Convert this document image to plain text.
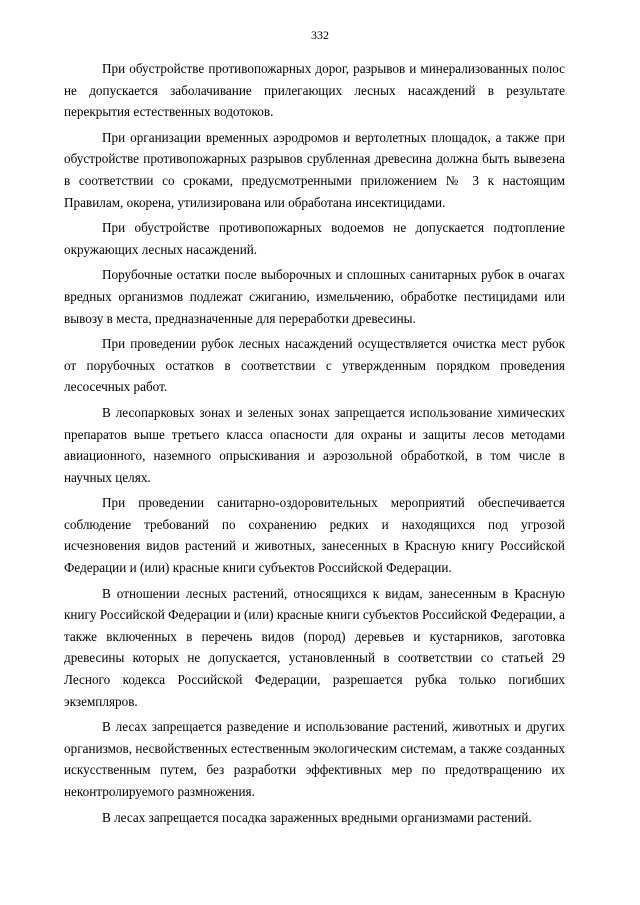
332

При обустройстве противопожарных дорог, разрывов и минерализованных полос не допускается заболачивание прилегающих лесных насаждений в результате перекрытия естественных водотоков.

При организации временных аэродромов и вертолетных площадок, а также при обустройстве противопожарных разрывов срубленная древесина должна быть вывезена в соответствии со сроками, предусмотренными приложением № 3 к настоящим Правилам, окорена, утилизирована или обработана инсектицидами.

При обустройстве противопожарных водоемов не допускается подтопление окружающих лесных насаждений.

Порубочные остатки после выборочных и сплошных санитарных рубок в очагах вредных организмов подлежат сжиганию, измельчению, обработке пестицидами или вывозу в места, предназначенные для переработки древесины.

При проведении рубок лесных насаждений осуществляется очистка мест рубок от порубочных остатков в соответствии с утвержденным порядком проведения лесосечных работ.

В лесопарковых зонах и зеленых зонах запрещается использование химических препаратов выше третьего класса опасности для охраны и защиты лесов методами авиационного, наземного опрыскивания и аэрозольной обработкой, в том числе в научных целях.

При проведении санитарно-оздоровительных мероприятий обеспечивается соблюдение требований по сохранению редких и находящихся под угрозой исчезновения видов растений и животных, занесенных в Красную книгу Российской Федерации и (или) красные книги субъектов Российской Федерации.

В отношении лесных растений, относящихся к видам, занесенным в Красную книгу Российской Федерации и (или) красные книги субъектов Российской Федерации, а также включенных в перечень видов (пород) деревьев и кустарников, заготовка древесины которых не допускается, установленный в соответствии со статьей 29 Лесного кодекса Российской Федерации, разрешается рубка только погибших экземпляров.

В лесах запрещается разведение и использование растений, животных и других организмов, несвойственных естественным экологическим системам, а также созданных искусственным путем, без разработки эффективных мер по предотвращению их неконтролируемого размножения.

В лесах запрещается посадка зараженных вредными организмами растений.
